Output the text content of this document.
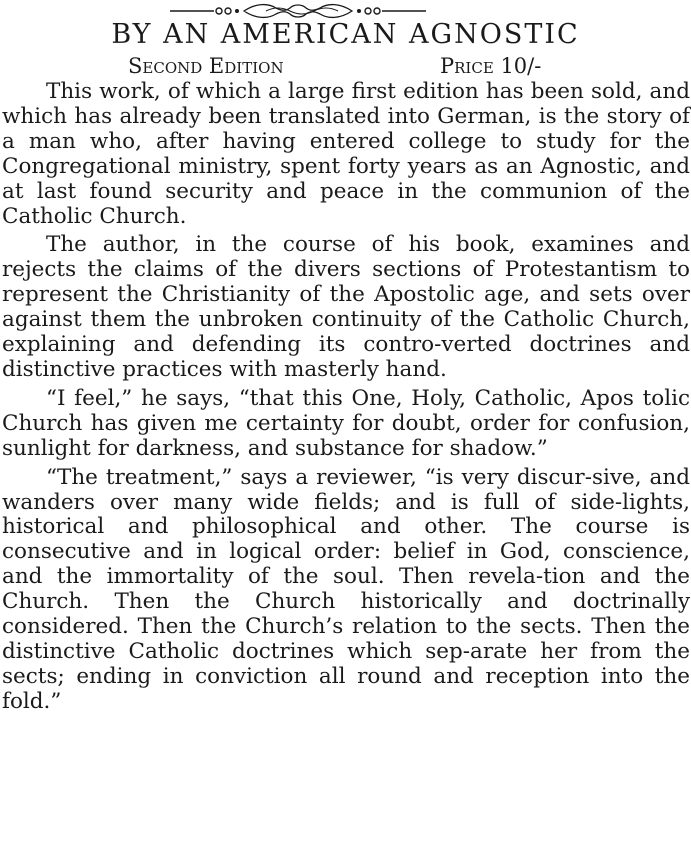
BY AN AMERICAN AGNOSTIC
Second Edition	Price 10/-

This work, of which a large first edition has been sold, and which has already been translated into German, is the story of a man who, after having entered college to study for the Congregational ministry, spent forty years as an Agnostic, and at last found security and peace in the communion of the Catholic Church.

The author, in the course of his book, examines and rejects the claims of the divers sections of Protestantism to represent the Christianity of the Apostolic age, and sets over against them the unbroken continuity of the Catholic Church, explaining and defending its contro-verted doctrines and distinctive practices with masterly hand.

“I feel,” he says, “that this One, Holy, Catholic, Apos tolic Church has given me certainty for doubt, order for confusion, sunlight for darkness, and substance for shadow.”

“The treatment,” says a reviewer, “is very discur-sive, and wanders over many wide fields; and is full of side-lights, historical and philosophical and other. The course is consecutive and in logical order: belief in God, conscience, and the immortality of the soul. Then revela-tion and the Church. Then the Church historically and doctrinally considered. Then the Church’s relation to the sects. Then the distinctive Catholic doctrines which sep-arate her from the sects; ending in conviction all round and reception into the fold.”
